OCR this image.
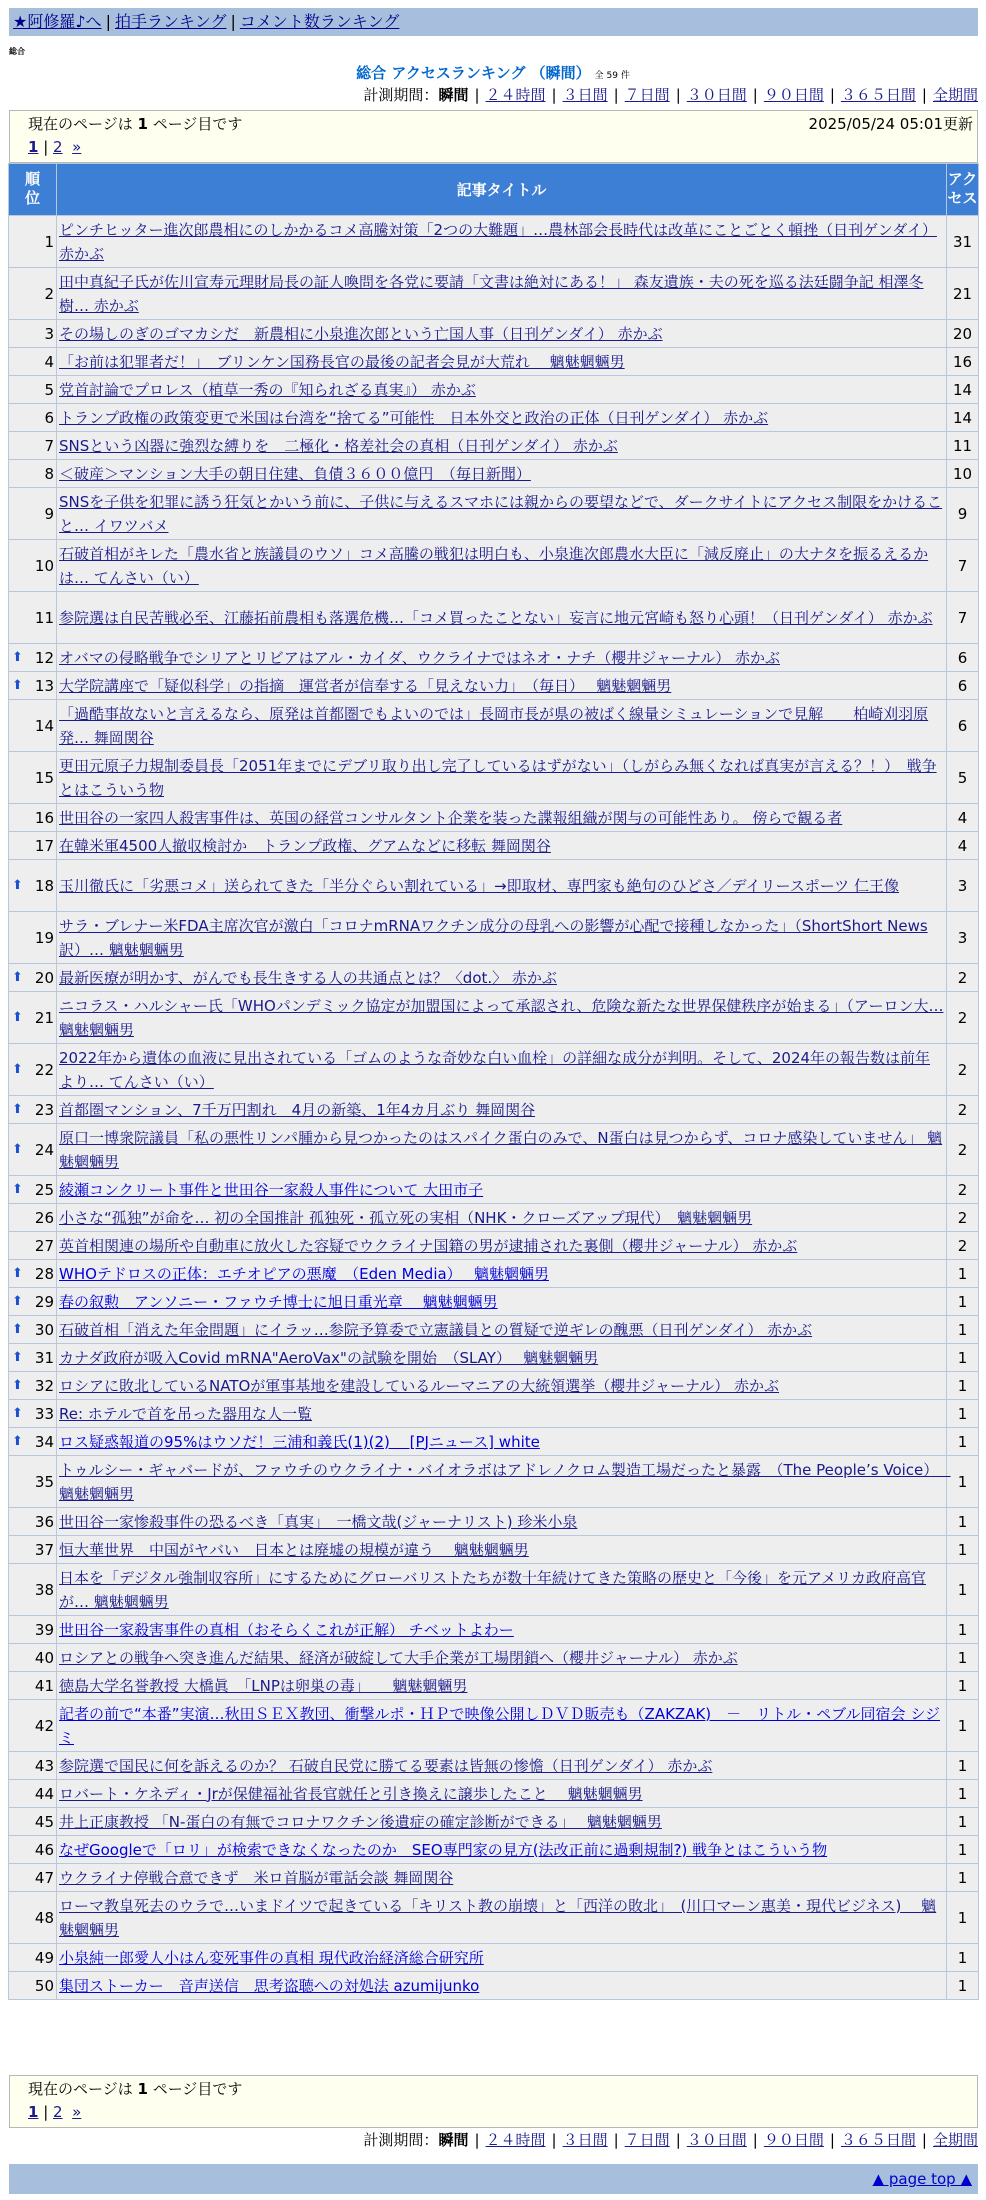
★阿修羅♪へ | 拍手ランキング | コメント数ランキング
総合
総合 アクセスランキング （瞬間） 全 59 件
計測期間：瞬間 | ２４時間 | ３日間 | ７日間 | ３０日間 | ９０日間 | ３６５日間 | 全期間
現在のページは 1 ページ目です	2025/05/24 05:01更新
1 | 2 »
順位	記事タイトル	アクセス
1	ピンチヒッター進次郎農相にのしかかるコメ高騰対策「2つの大難題」…農林部会長時代は改革にことごとく頓挫（日刊ゲンダイ） 赤かぶ	31
2	田中真紀子氏が佐川宣寿元理財局長の証人喚問を各党に要請「文書は絶対にある！」 森友遺族・夫の死を巡る法廷闘争記 相澤冬樹… 赤かぶ	21
3	その場しのぎのゴマカシだ　新農相に小泉進次郎という亡国人事（日刊ゲンダイ） 赤かぶ	20
4	「お前は犯罪者だ！」　ブリンケン国務長官の最後の記者会見が大荒れ　 魑魅魍魎男	16
5	党首討論でプロレス（植草一秀の『知られざる真実』） 赤かぶ	14
6	トランプ政権の政策変更で米国は台湾を“捨てる”可能性　日本外交と政治の正体（日刊ゲンダイ） 赤かぶ	14
7	SNSという凶器に強烈な縛りを　二極化・格差社会の真相（日刊ゲンダイ） 赤かぶ	11
8	＜破産＞マンション大手の朝日住建、負債３６００億円　（毎日新聞）	10
9	SNSを子供を犯罪に誘う狂気とかいう前に、子供に与えるスマホには親からの要望などで、ダークサイトにアクセス制限をかけること… イワツバメ	9
10	石破首相がキレた「農水省と族議員のウソ」コメ高騰の戦犯は明白も、小泉進次郎農水大臣に「減反廃止」の大ナタを振るえるかは… てんさい（い）	7
11	参院選は自民苦戦必至、江藤拓前農相も落選危機…「コメ買ったことない」妄言に地元宮崎も怒り心頭！（日刊ゲンダイ） 赤かぶ	7

⬆ 12	オバマの侵略戦争でシリアとリビアはアル・カイダ、ウクライナではネオ・ナチ（櫻井ジャーナル） 赤かぶ	6

⬆ 13	大学院講座で「疑似科学」の指摘　運営者が信奉する「見えない力」　（毎日）　 魑魅魍魎男	6
14	「過酷事故ないと言えるなら、原発は首都圏でもよいのでは」長岡市長が県の被ばく線量シミュレーションで見解　　柏崎刈羽原発… 舞岡関谷	6
15	更田元原子力規制委員長「2051年までにデブリ取り出し完了しているはずがない」（しがらみ無くなれば真実が言える？！）　戦争とはこういう物	5
16	世田谷の一家四人殺害事件は、英国の経営コンサルタント企業を装った諜報組織が関与の可能性あり。 傍らで観る者	4
17	在韓米軍4500人撤収検討か　トランプ政権、グアムなどに移転 舞岡関谷	4

⬆ 18	玉川徹氏に「劣悪コメ」送られてきた「半分ぐらい割れている」→即取材、専門家も絶句のひどさ／デイリースポーツ 仁王像	3
19	サラ・ブレナー米FDA主席次官が激白「コロナmRNAワクチン成分の母乳への影響が心配で接種しなかった」（ShortShort News訳）… 魑魅魍魎男	3

⬆ 20	最新医療が明かす、がんでも長生きする人の共通点とは？〈dot.〉 赤かぶ	2

⬆ 21	ニコラス・ハルシャー氏「WHOパンデミック協定が加盟国によって承認され、危険な新たな世界保健秩序が始まる」（アーロン大… 魑魅魍魎男	2

⬆ 22	2022年から遺体の血液に見出されている「ゴムのような奇妙な白い血栓」の詳細な成分が判明。そして、2024年の報告数は前年より… てんさい（い）	2

⬆ 23	首都圏マンション、7千万円割れ　4月の新築、1年4カ月ぶり 舞岡関谷	2

⬆ 24	原口一博衆院議員「私の悪性リンパ腫から見つかったのはスパイク蛋白のみで、N蛋白は見つからず、コロナ感染していません」 魑魅魍魎男	2

⬆ 25	綾瀬コンクリート事件と世田谷一家殺人事件について 大田市子	2
26	小さな“孤独”が命を… 初の全国推計 孤独死・孤立死の実相（NHK・クローズアップ現代）　魑魅魍魎男	2
27	英首相関連の場所や自動車に放火した容疑でウクライナ国籍の男が逮捕された裏側（櫻井ジャーナル） 赤かぶ	2

⬆ 28	WHOテドロスの正体：エチオピアの悪魔　（Eden Media）　 魑魅魍魎男	1

⬆ 29	春の叙勲　アンソニー・ファウチ博士に旭日重光章　 魑魅魍魎男	1

⬆ 30	石破首相「消えた年金問題」にイラッ…参院予算委で立憲議員との質疑で逆ギレの醜悪（日刊ゲンダイ） 赤かぶ	1

⬆ 31	カナダ政府が吸入Covid mRNA"AeroVax"の試験を開始　（SLAY）　 魑魅魍魎男	1

⬆ 32	ロシアに敗北しているNATOが軍事基地を建設しているルーマニアの大統領選挙（櫻井ジャーナル） 赤かぶ	1

⬆ 33	Re: ホテルで首を吊った器用な人一覧	1

⬆ 34	ロス疑惑報道の95%はウソだ！三浦和義氏(1)(2) 　[PJニュース] white	1
35	トゥルシー・ギャバードが、ファウチのウクライナ・バイオラボはアドレノクロム製造工場だったと暴露　（The People’s Voice）　 魑魅魍魎男	1
36	世田谷一家惨殺事件の恐るべき「真実」　一橋文哉(ジャーナリスト) 珍米小泉	1
37	恒大華世界　中国がヤバい　日本とは廃墟の規模が違う　 魑魅魍魎男	1
38	日本を「デジタル強制収容所」にするためにグローバリストたちが数十年続けてきた策略の歴史と「今後」を元アメリカ政府高官が… 魑魅魍魎男	1
39	世田谷一家殺害事件の真相（おそらくこれが正解） チベットよわー	1
40	ロシアとの戦争へ突き進んだ結果、経済が破綻して大手企業が工場閉鎖へ（櫻井ジャーナル） 赤かぶ	1
41	徳島大学名誉教授 大橋眞　「LNPは卵巣の毒」　　魑魅魍魎男	1
42	記者の前で“本番”実演…秋田ＳＥＸ教団、衝撃ルポ・ＨＰで映像公開しＤＶＤ販売も（ZAKZAK)　－　リトル・ペブル同宿会 シジミ	1
43	参院選で国民に何を訴えるのか？ 石破自民党に勝てる要素は皆無の惨憺（日刊ゲンダイ） 赤かぶ	1
44	ロバート・ケネディ・Jrが保健福祉省長官就任と引き換えに譲歩したこと　 魑魅魍魎男	1
45	井上正康教授 「N-蛋白の有無でコロナワクチン後遺症の確定診断ができる」　 魑魅魍魎男	1
46	なぜGoogleで「ロリ」が検索できなくなったのか　SEO専門家の見方(法改正前に過剰規制?) 戦争とはこういう物	1
47	ウクライナ停戦合意できず　米ロ首脳が電話会談 舞岡関谷	1
48	ローマ教皇死去のウラで…いまドイツで起きている「キリスト教の崩壊」と「西洋の敗北」　(川口マーン惠美・現代ビジネス)　 魑魅魍魎男	1
49	小泉純一郎愛人小はん変死事件の真相 現代政治経済総合研究所	1
50	集団ストーカー　音声送信　思考盗聴への対処法 azumijunko	1
現在のページは 1 ページ目です
1 | 2 »
計測期間：瞬間 | ２４時間 | ３日間 | ７日間 | ３０日間 | ９０日間 | ３６５日間 | 全期間
▲ page top ▲
